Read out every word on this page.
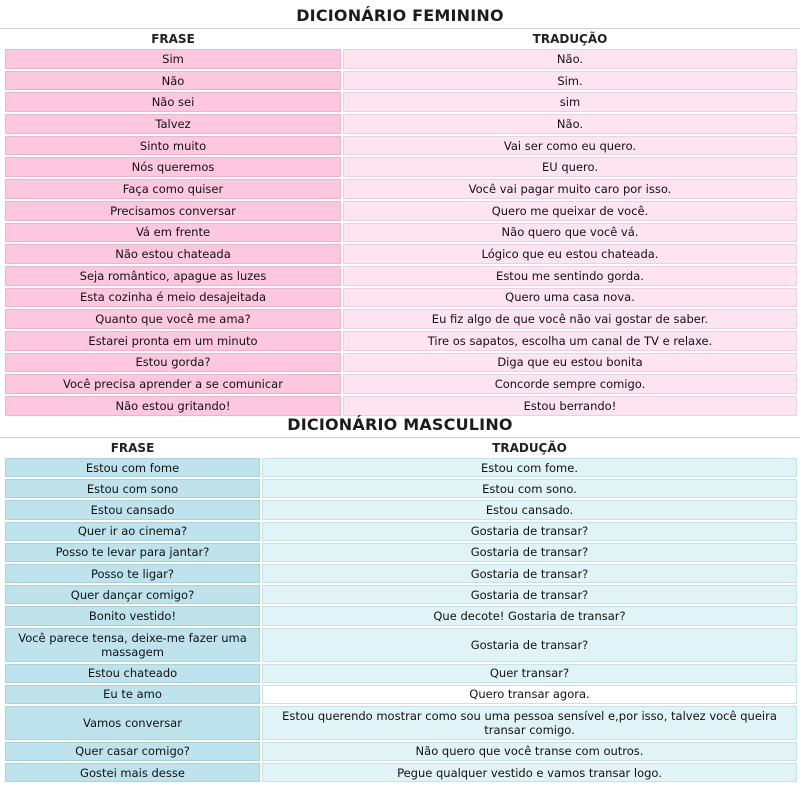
DICIONÁRIO FEMININO
FRASE	TRADUÇÃO
Sim	Não.
Não	Sim.
Não sei	sim
Talvez	Não.
Sinto muito	Vai ser como eu quero.
Nós queremos	EU quero.
Faça como quiser	Você vai pagar muito caro por isso.
Precisamos conversar	Quero me queixar de você.
Vá em frente	Não quero que você vá.
Não estou chateada	Lógico que eu estou chateada.
Seja romântico, apague as luzes	Estou me sentindo gorda.
Esta cozinha é meio desajeitada	Quero uma casa nova.
Quanto que você me ama?	Eu fiz algo de que você não vai gostar de saber.
Estarei pronta em um minuto	Tire os sapatos, escolha um canal de TV e relaxe.
Estou gorda?	Diga que eu estou bonita
Você precisa aprender a se comunicar	Concorde sempre comigo.
Não estou gritando!	Estou berrando!
DICIONÁRIO MASCULINO
FRASE	TRADUÇÃO
Estou com fome	Estou com fome.
Estou com sono	Estou com sono.
Estou cansado	Estou cansado.
Quer ir ao cinema?	Gostaria de transar?
Posso te levar para jantar?	Gostaria de transar?
Posso te ligar?	Gostaria de transar?
Quer dançar comigo?	Gostaria de transar?
Bonito vestido!	Que decote! Gostaria de transar?
Você parece tensa, deixe-me fazer uma massagem	Gostaria de transar?
Estou chateado	Quer transar?
Eu te amo	Quero transar agora.
Vamos conversar	Estou querendo mostrar como sou uma pessoa sensível e,por isso, talvez você queira transar comigo.
Quer casar comigo?	Não quero que você transe com outros.
Gostei mais desse	Pegue qualquer vestido e vamos transar logo.
